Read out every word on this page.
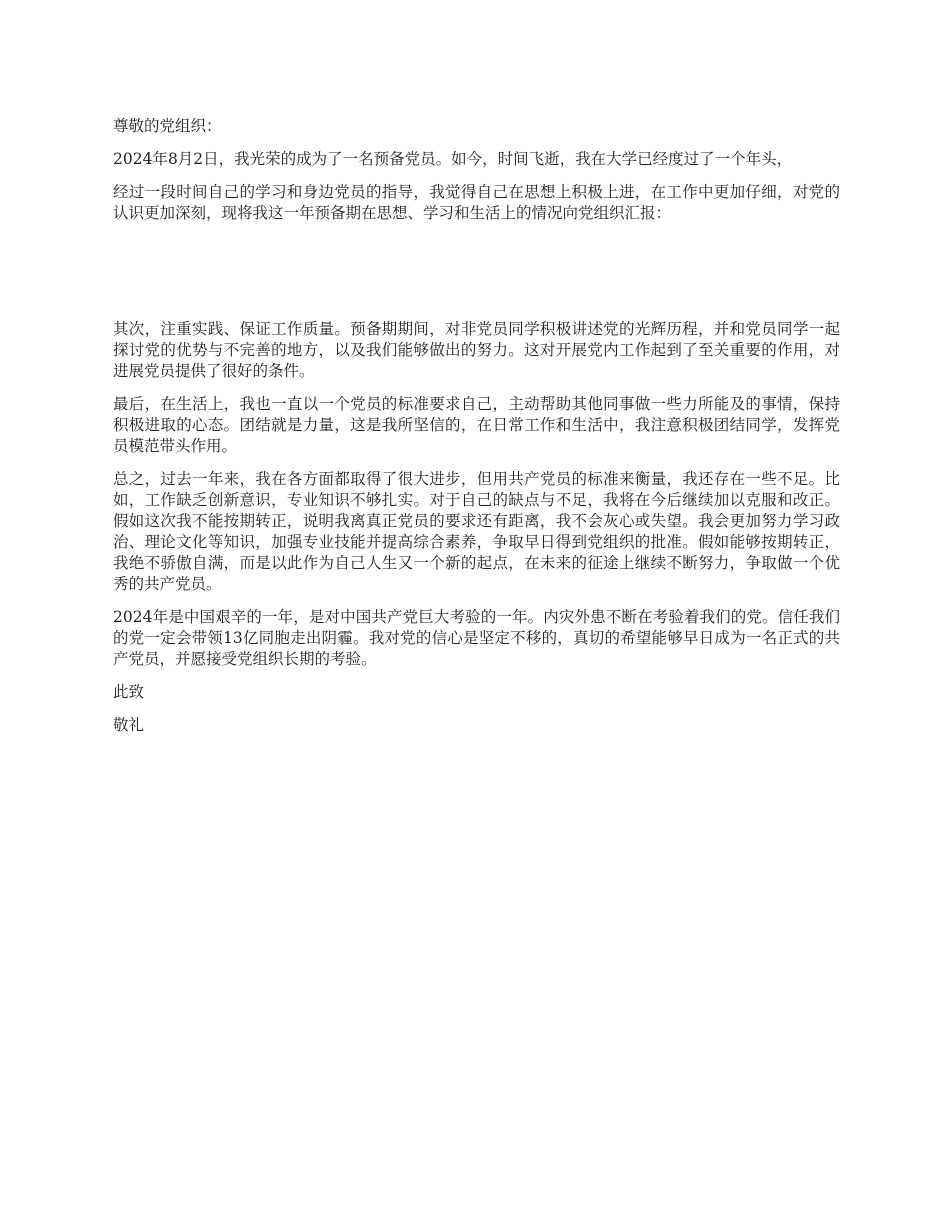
尊敬的党组织：

2024年8月2日，我光荣的成为了一名预备党员。如今，时间飞逝，我在大学已经度过了一个年头，

经过一段时间自己的学习和身边党员的指导，我觉得自己在思想上积极上进，在工作中更加仔细，对党的认识更加深刻，现将我这一年预备期在思想、学习和生活上的情况向党组织汇报：

其次，注重实践、保证工作质量。预备期期间，对非党员同学积极讲述党的光辉历程，并和党员同学一起探讨党的优势与不完善的地方，以及我们能够做出的努力。这对开展党内工作起到了至关重要的作用，对进展党员提供了很好的条件。

最后，在生活上，我也一直以一个党员的标准要求自己，主动帮助其他同事做一些力所能及的事情，保持积极进取的心态。团结就是力量，这是我所坚信的，在日常工作和生活中，我注意积极团结同学，发挥党员模范带头作用。

总之，过去一年来，我在各方面都取得了很大进步，但用共产党员的标准来衡量，我还存在一些不足。比如，工作缺乏创新意识，专业知识不够扎实。对于自己的缺点与不足，我将在今后继续加以克服和改正。假如这次我不能按期转正，说明我离真正党员的要求还有距离，我不会灰心或失望。我会更加努力学习政治、理论文化等知识，加强专业技能并提高综合素养，争取早日得到党组织的批准。假如能够按期转正，我绝不骄傲自满，而是以此作为自己人生又一个新的起点，在未来的征途上继续不断努力，争取做一个优秀的共产党员。

2024年是中国艰辛的一年，是对中国共产党巨大考验的一年。内灾外患不断在考验着我们的党。信任我们的党一定会带领13亿同胞走出阴霾。我对党的信心是坚定不移的，真切的希望能够早日成为一名正式的共产党员，并愿接受党组织长期的考验。

此致

敬礼
